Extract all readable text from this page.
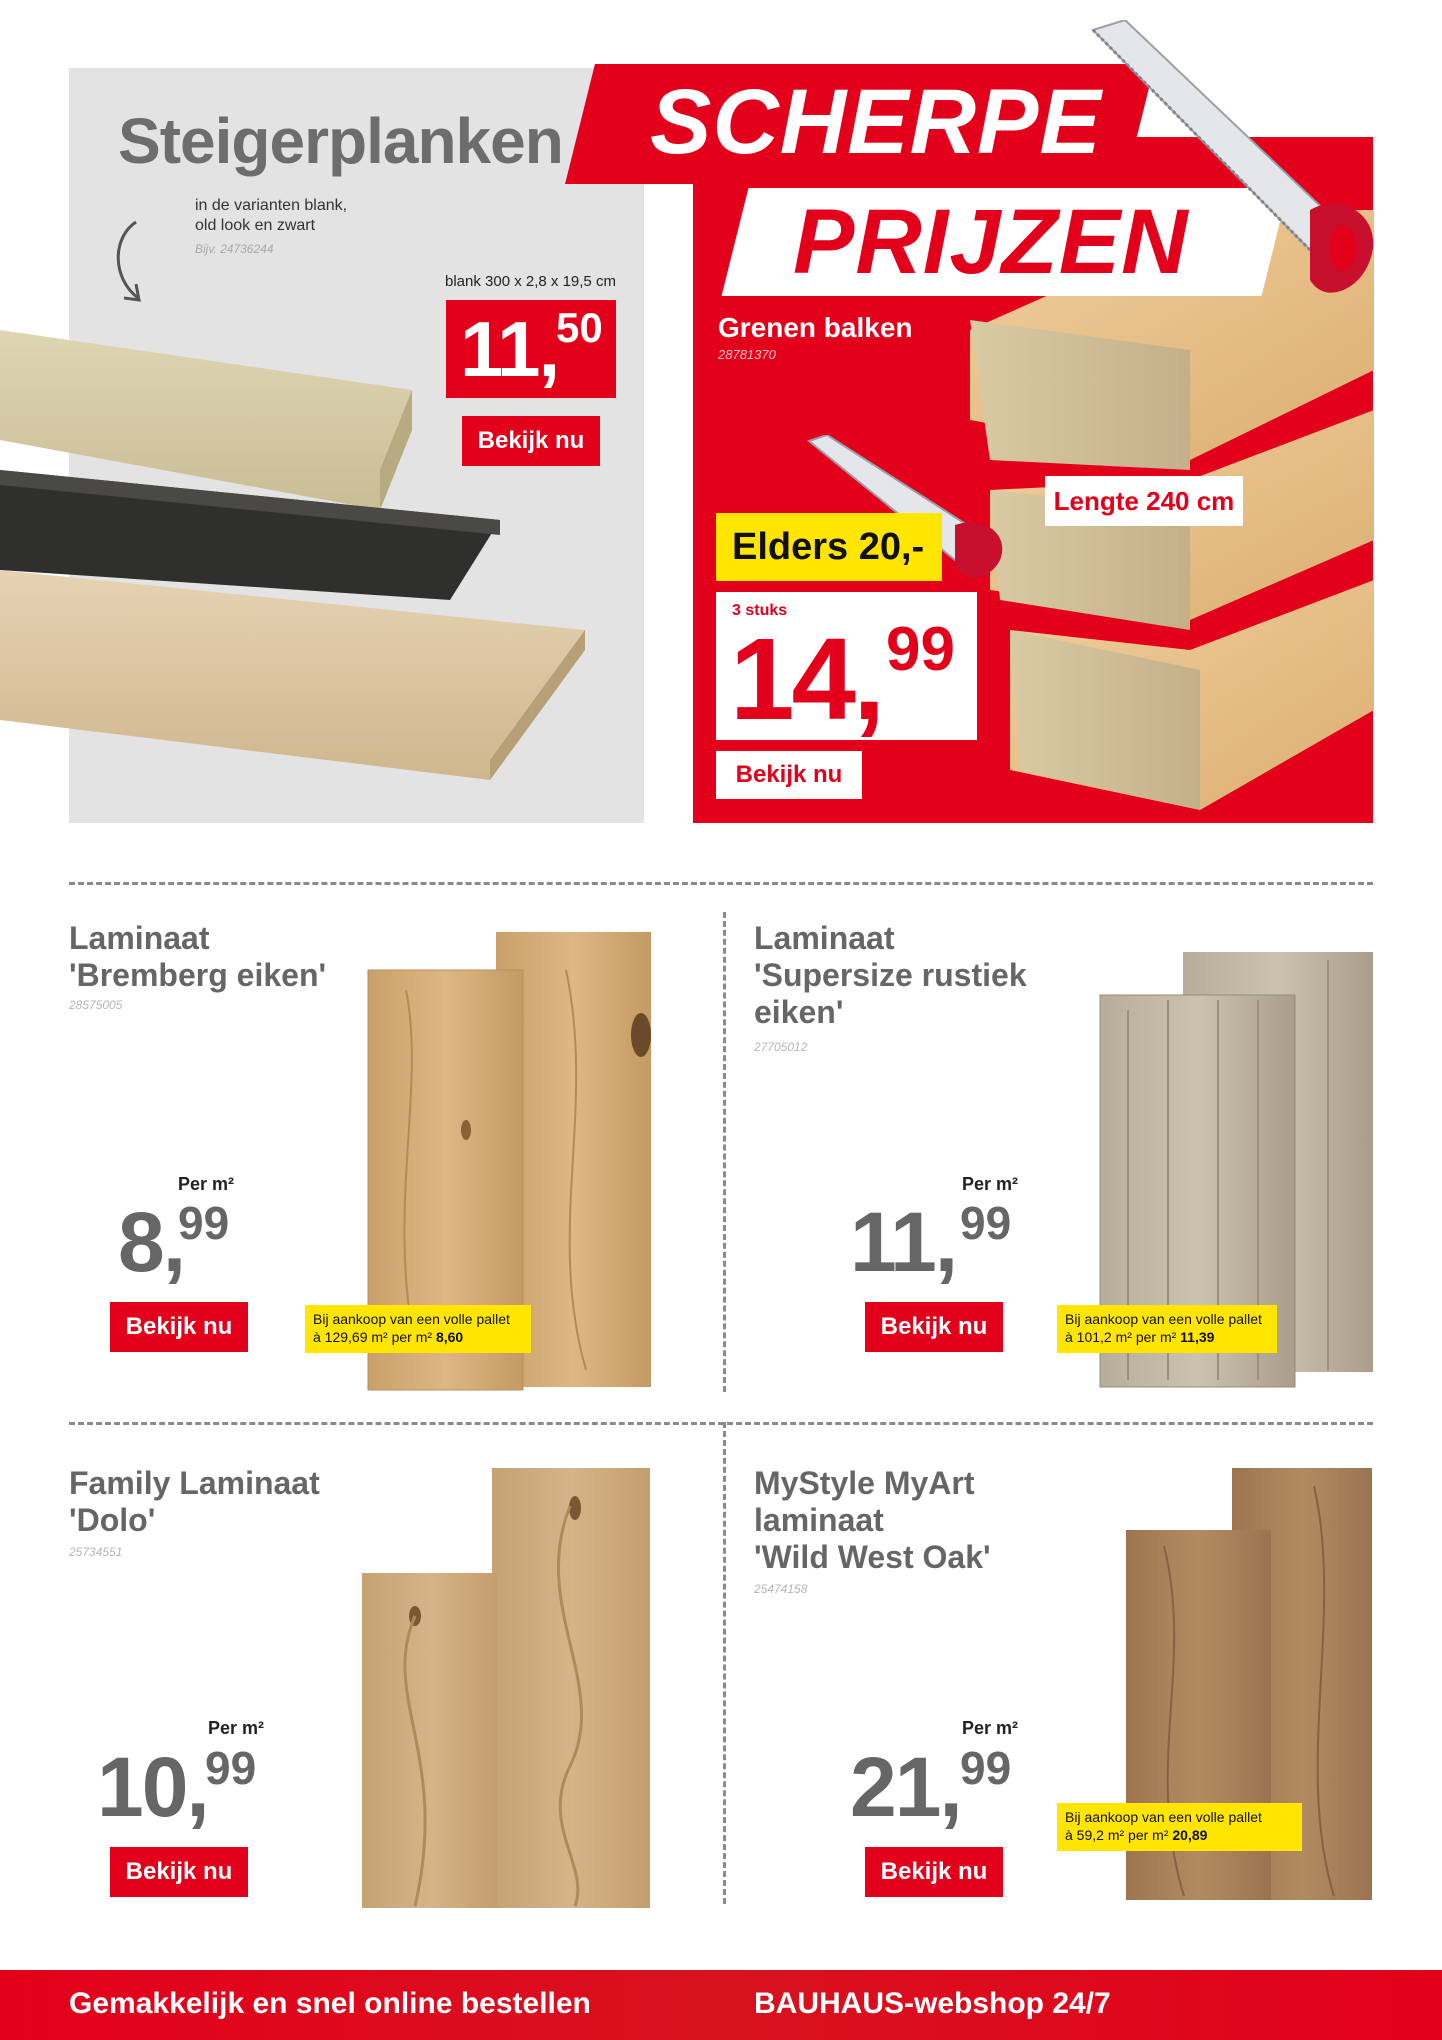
Steigerplanken
in de varianten blank,
old look en zwart
Bijv. 24736244
blank 300 x 2,8 x 19,5 cm
11,
50
Bekijk nu
SCHERPE
PRIJZEN
Grenen balken
28781370
Lengte 240 cm
Elders 20,-
3 stuks
14, 99
Bekijk nu
Laminaat
'Bremberg eiken'
28575005
Per m²
8,
99
Bekijk nu	Bij aankoop van een volle pallet
à 129,69 m² per m² 8,60
Laminaat
'Supersize rustiek
eiken'
27705012
Per m²
11, 99
Bekijk nu	Bij aankoop van een volle pallet
à 101,2 m² per m² 11,39
Family Laminaat
'Dolo'
25734551
Per m²
10,
99
Bekijk nu
MyStyle MyArt
laminaat
'Wild West Oak'
25474158
Per m²
21, 99
Bekijk nu
Bij aankoop van een volle pallet
à 59,2 m² per m² 20,89
Gemakkelijk en snel online bestellen	BAUHAUS-webshop 24/7
